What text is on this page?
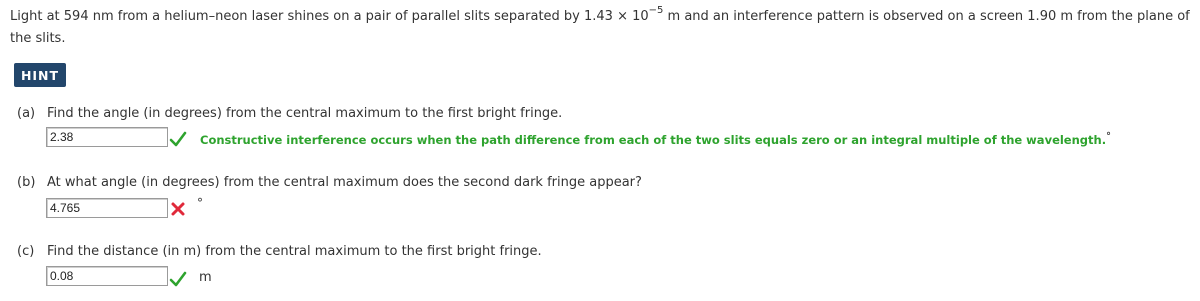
Light at 594 nm from a helium–neon laser shines on a pair of parallel slits separated by $1.43 \times 10^{-5}$ m and an interference pattern is observed on a screen 1.90 m from the plane of the slits.
HINT
(a) Find the angle (in degrees) from the central maximum to the first bright fringe.
2.38	Constructive interference occurs when the path difference from each of the two slits equals zero or an integral multiple of the wavelength.°
(b) At what angle (in degrees) from the central maximum does the second dark fringe appear?
4.765	°
(c) Find the distance (in m) from the central maximum to the first bright fringe.
0.08	m
